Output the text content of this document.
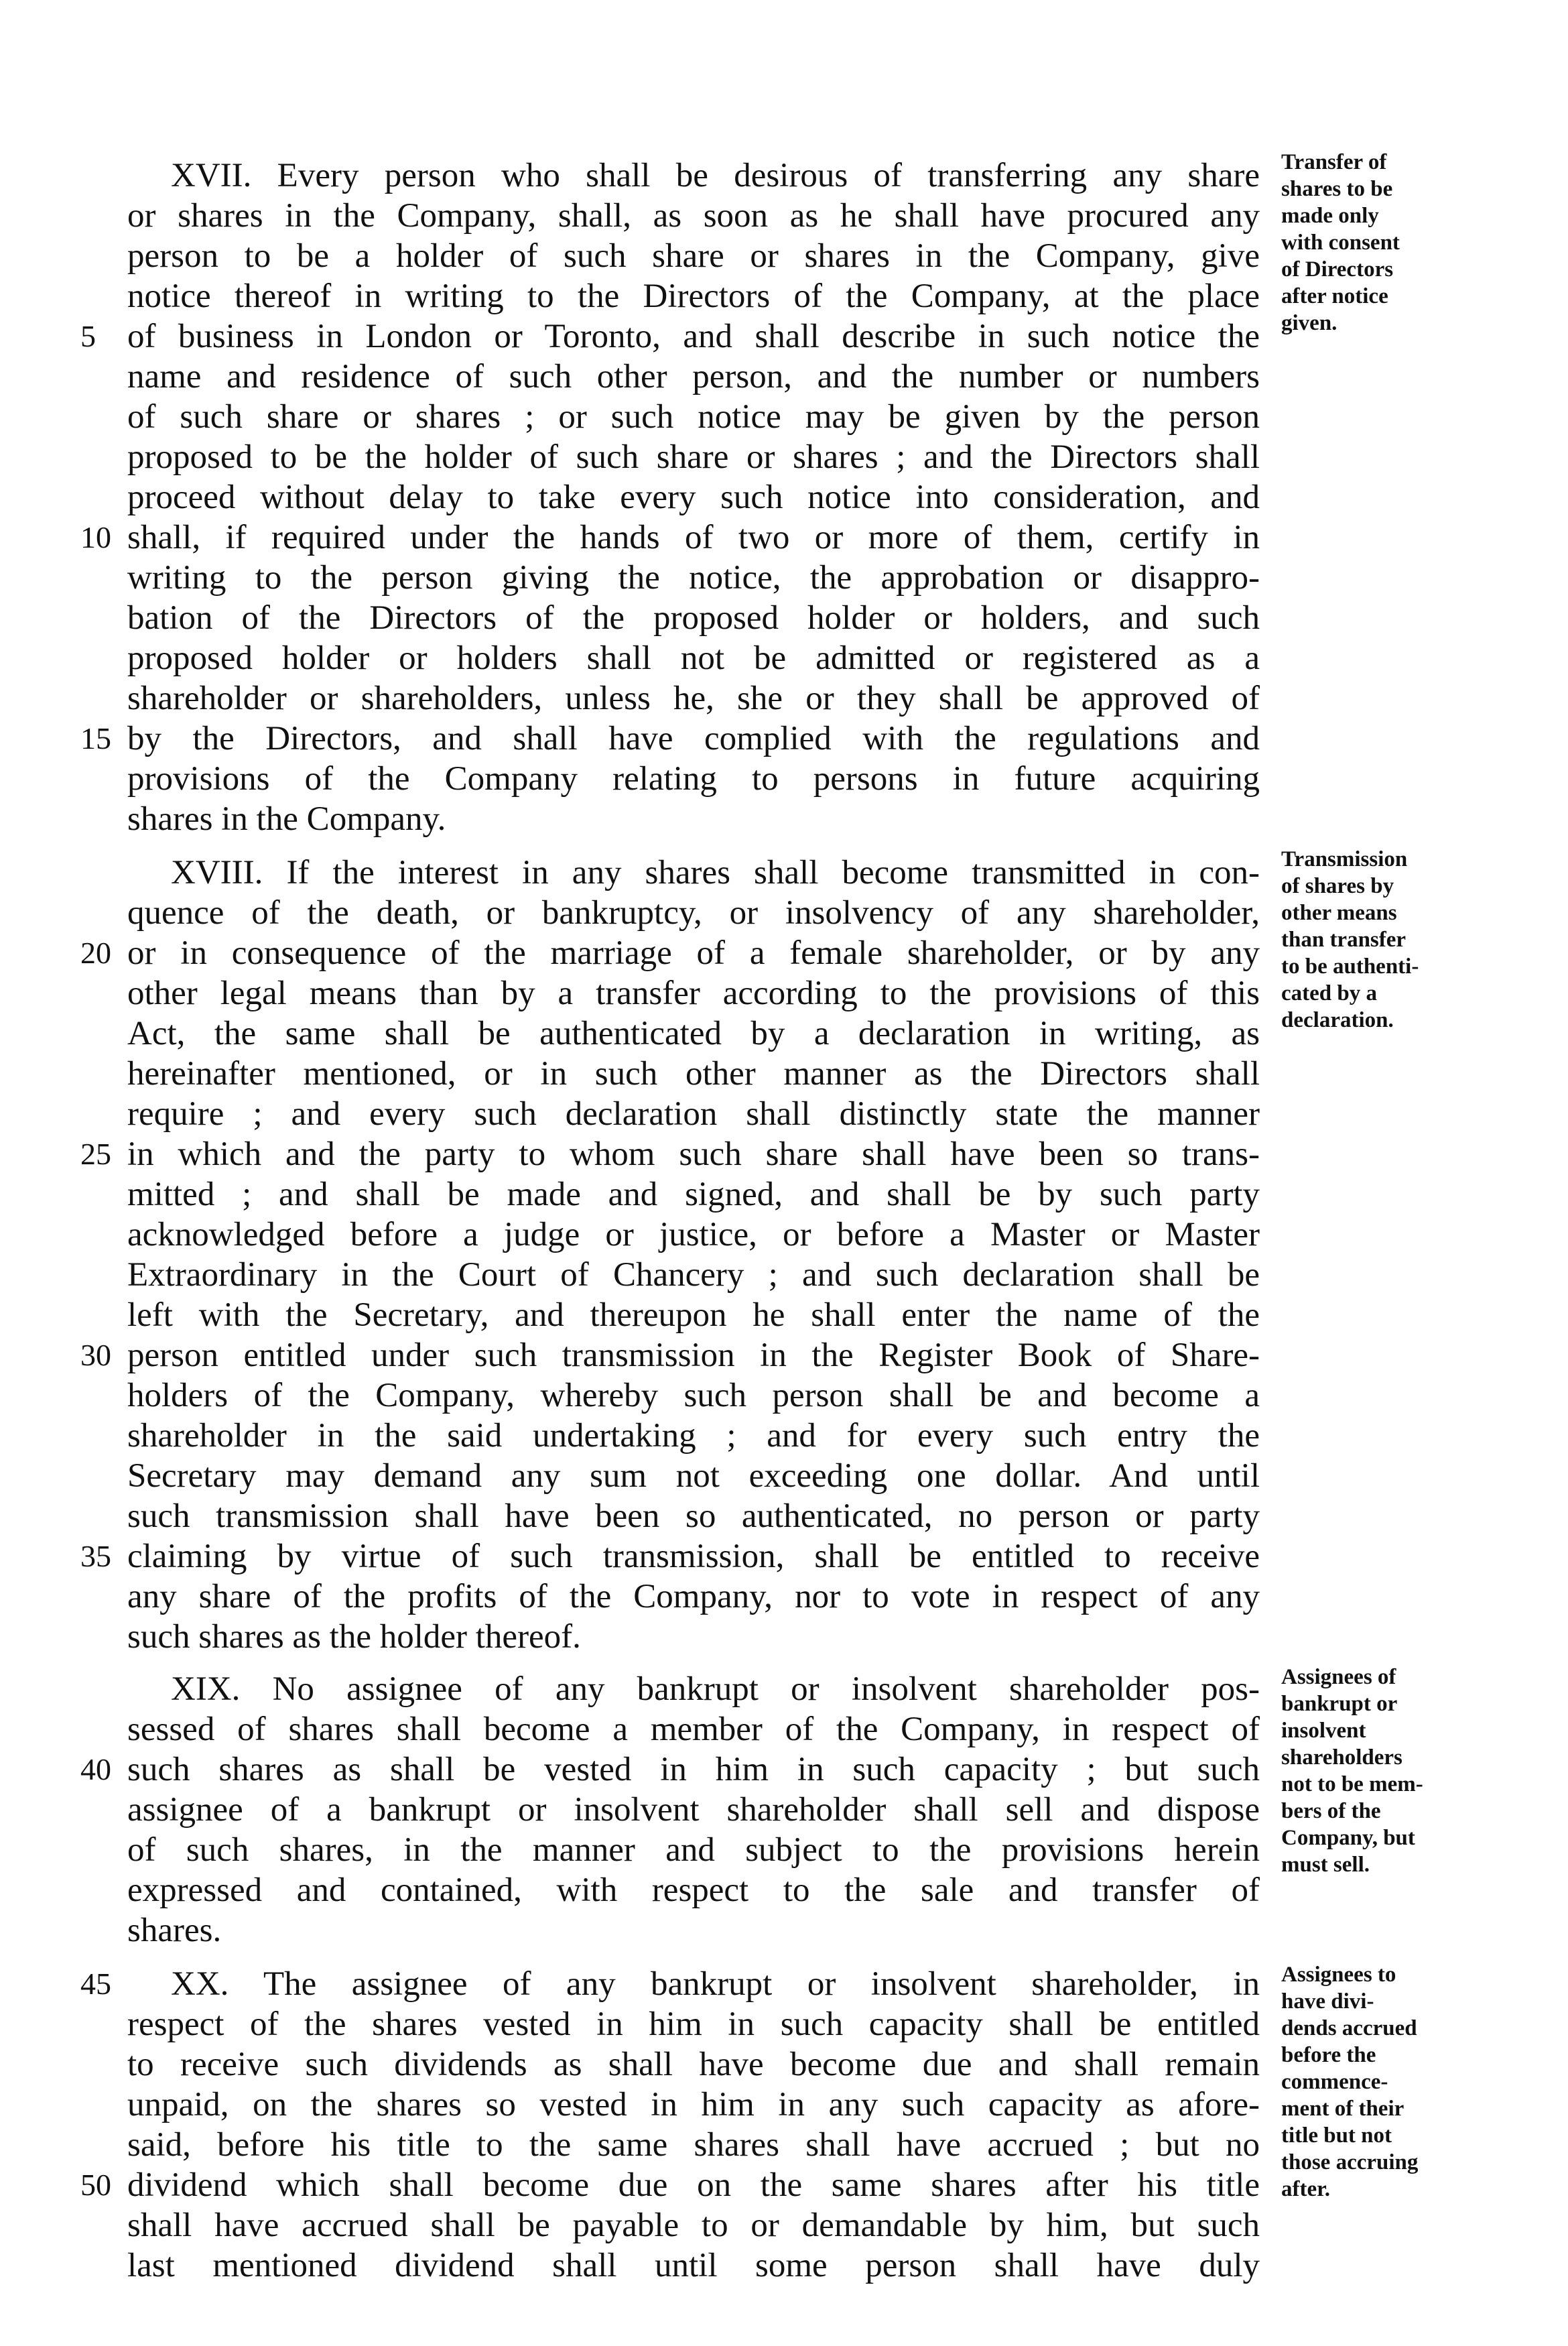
XVII. Every person who shall be desirous of transferring any share
or shares in the Company, shall, as soon as he shall have procured any
person to be a holder of such share or shares in the Company, give
notice thereof in writing to the Directors of the Company, at the place
of business in London or Toronto, and shall describe in such notice the
name and residence of such other person, and the number or numbers
of such share or shares ; or such notice may be given by the person
proposed to be the holder of such share or shares ; and the Directors shall
proceed without delay to take every such notice into consideration, and
shall, if required under the hands of two or more of them, certify in
writing to the person giving the notice, the approbation or disappro-
bation of the Directors of the proposed holder or holders, and such
proposed holder or holders shall not be admitted or registered as a
shareholder or shareholders, unless he, she or they shall be approved of
by the Directors, and shall have complied with the regulations and
provisions of the Company relating to persons in future acquiring
shares in the Company.
Transfer of
shares to be
made only
with consent
of Directors
after notice
given.
XVIII. If the interest in any shares shall become transmitted in con-
quence of the death, or bankruptcy, or insolvency of any shareholder,
or in consequence of the marriage of a female shareholder, or by any
other legal means than by a transfer according to the provisions of this
Act, the same shall be authenticated by a declaration in writing, as
hereinafter mentioned, or in such other manner as the Directors shall
require ; and every such declaration shall distinctly state the manner
in which and the party to whom such share shall have been so trans-
mitted ; and shall be made and signed, and shall be by such party
acknowledged before a judge or justice, or before a Master or Master
Extraordinary in the Court of Chancery ; and such declaration shall be
left with the Secretary, and thereupon he shall enter the name of the
person entitled under such transmission in the Register Book of Share-
holders of the Company, whereby such person shall be and become a
shareholder in the said undertaking ; and for every such entry the
Secretary may demand any sum not exceeding one dollar. And until
such transmission shall have been so authenticated, no person or party
claiming by virtue of such transmission, shall be entitled to receive
any share of the profits of the Company, nor to vote in respect of any
such shares as the holder thereof.
Transmission
of shares by
other means
than transfer
to be authenti-
cated by a
declaration.
XIX. No assignee of any bankrupt or insolvent shareholder pos-
sessed of shares shall become a member of the Company, in respect of
such shares as shall be vested in him in such capacity ; but such
assignee of a bankrupt or insolvent shareholder shall sell and dispose
of such shares, in the manner and subject to the provisions herein
expressed and contained, with respect to the sale and transfer of
shares.
Assignees of
bankrupt or
insolvent
shareholders
not to be mem-
bers of the
Company, but
must sell.
XX. The assignee of any bankrupt or insolvent shareholder, in
respect of the shares vested in him in such capacity shall be entitled
to receive such dividends as shall have become due and shall remain
unpaid, on the shares so vested in him in any such capacity as afore-
said, before his title to the same shares shall have accrued ; but no
dividend which shall become due on the same shares after his title
shall have accrued shall be payable to or demandable by him, but such
last mentioned dividend shall until some person shall have duly
Assignees to
have divi-
dends accrued
before the
commence-
ment of their
title but not
those accruing
after.
5
10
15
20
25
30
35
40
45
50
